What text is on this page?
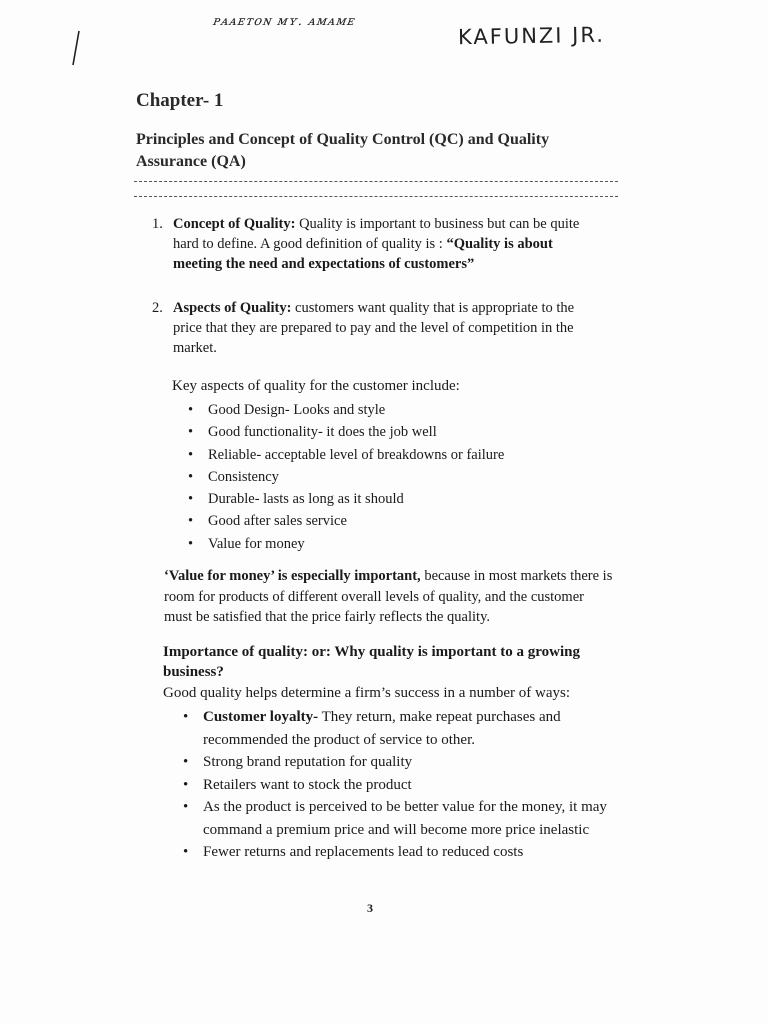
ᴘᴀᴀᴇᴛᴏɴ ᴍʏ. ᴀᴍᴀᴍᴇ
KAFUNZI JR.
Chapter- 1
Principles and Concept of Quality Control (QC) and Quality Assurance (QA)
1. Concept of Quality: Quality is important to business but can be quite hard to define. A good definition of quality is : “Quality is about meeting the need and expectations of customers”
2. Aspects of Quality: customers want quality that is appropriate to the price that they are prepared to pay and the level of competition in the market.
Key aspects of quality for the customer include:
• Good Design- Looks and style
• Good functionality- it does the job well
• Reliable- acceptable level of breakdowns or failure
• Consistency
• Durable- lasts as long as it should
• Good after sales service
• Value for money
‘Value for money’ is especially important, because in most markets there is room for products of different overall levels of quality, and the customer must be satisfied that the price fairly reflects the quality.
Importance of quality: or: Why quality is important to a growing business?
Good quality helps determine a firm’s success in a number of ways:
• Customer loyalty- They return, make repeat purchases and recommended the product of service to other.
• Strong brand reputation for quality
• Retailers want to stock the product
• As the product is perceived to be better value for the money, it may command a premium price and will become more price inelastic
• Fewer returns and replacements lead to reduced costs
3
